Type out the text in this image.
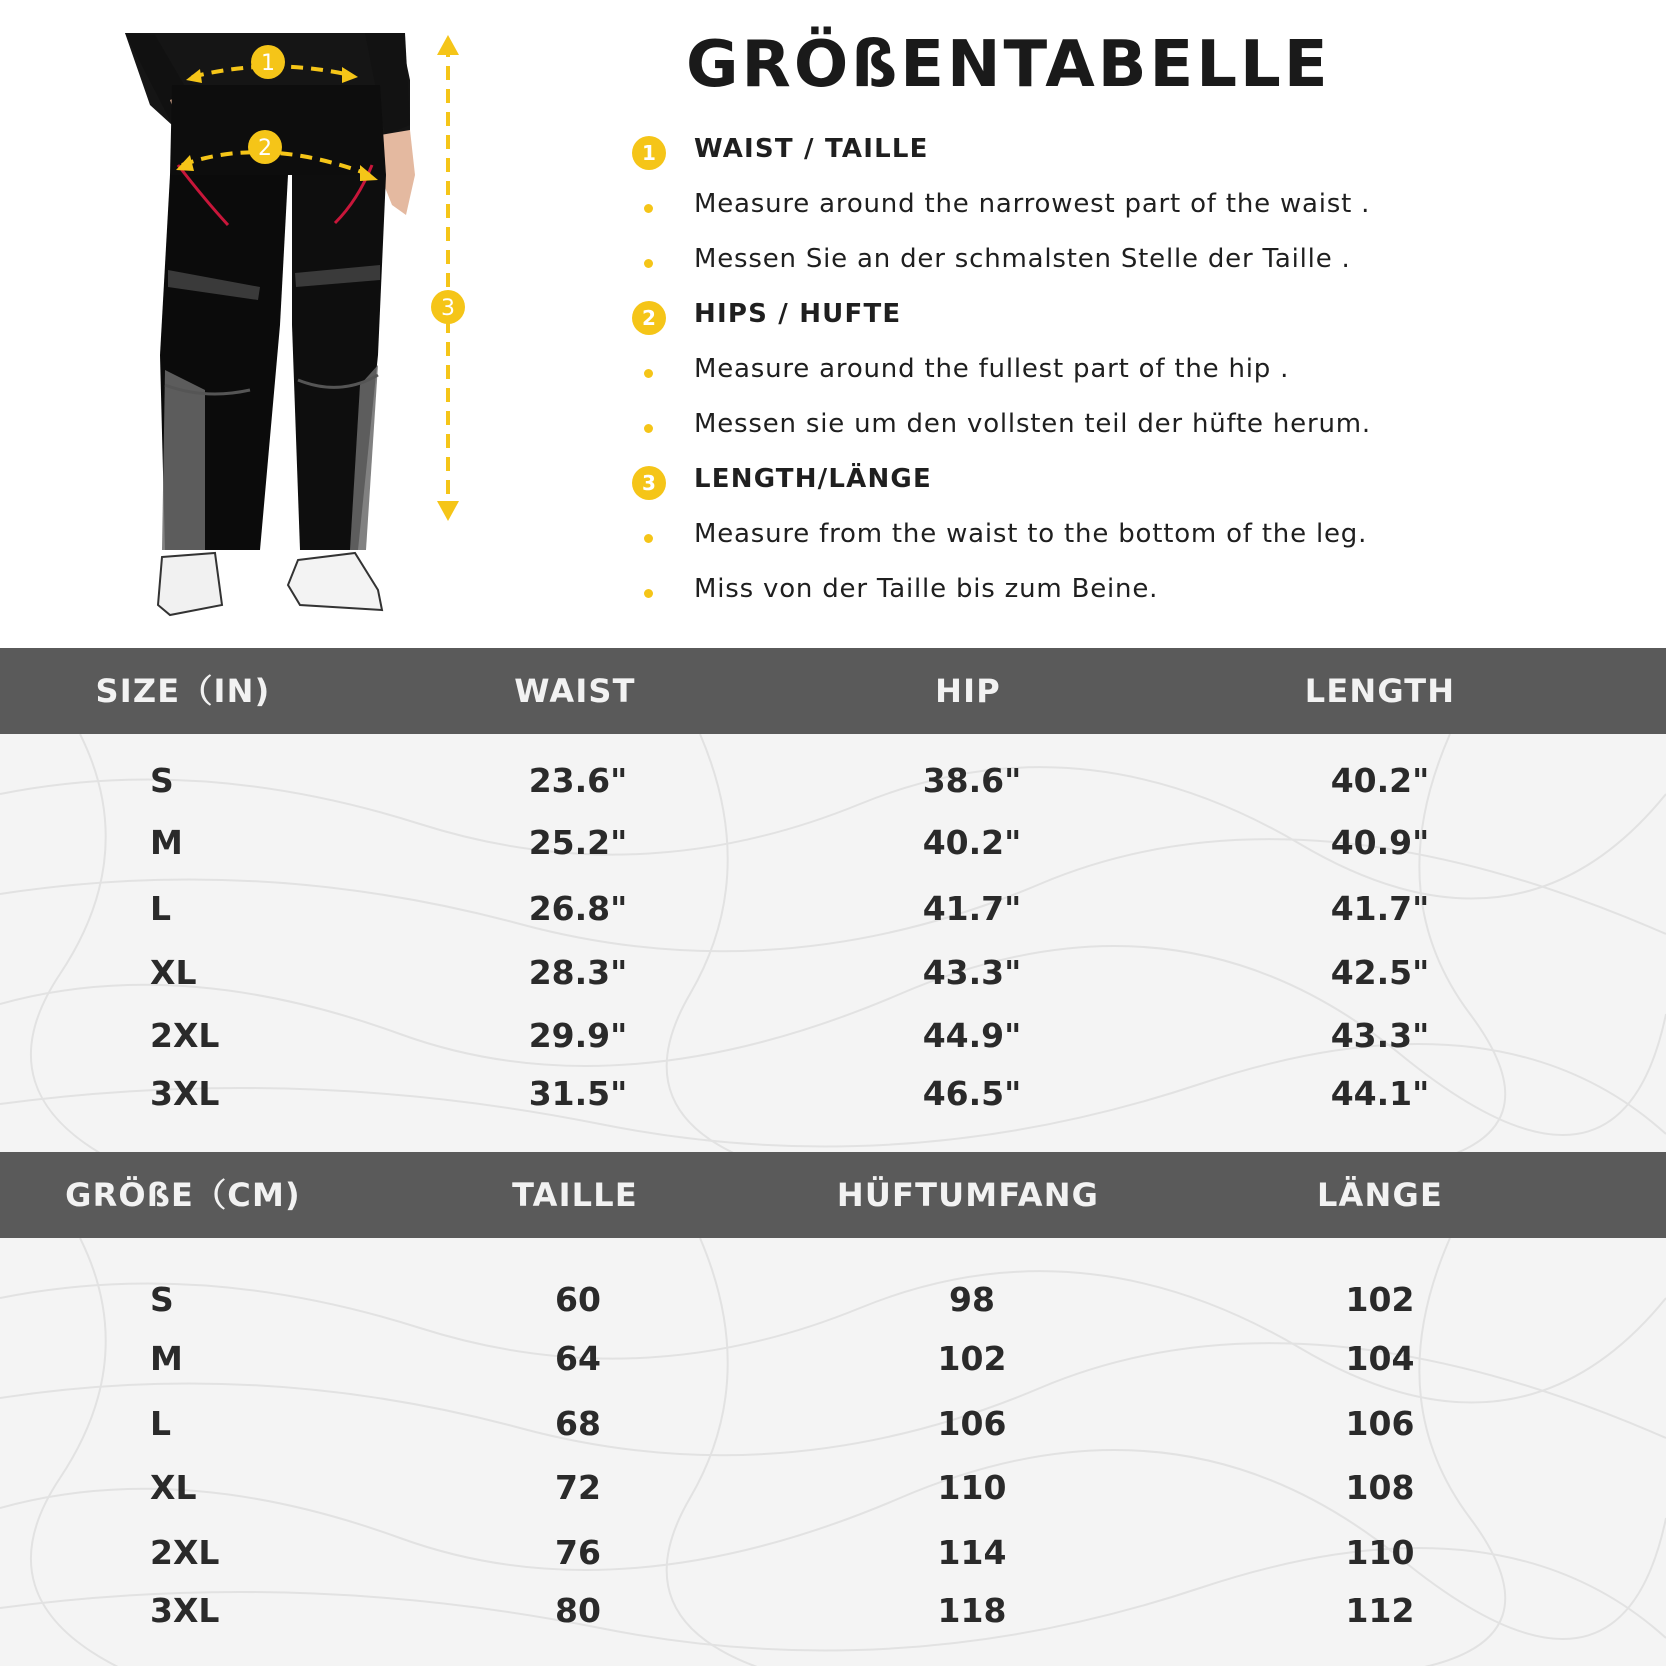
1
2
3
GRÖßENTABELLE
1	WAIST / TAILLE
Measure around the narrowest part of the waist .
Messen Sie an der schmalsten Stelle der Taille .
2	HIPS / HUFTE
Measure around the fullest part of the hip .
Messen sie um den vollsten teil der hüfte herum.
3	LENGTH/LÄNGE
Measure from the waist to the bottom of the leg.
Miss von der Taille bis zum Beine.
SIZE（IN)	WAIST	HIP	LENGTH
S	23.6"	38.6"	40.2"
M	25.2"	40.2"	40.9"
L	26.8"	41.7"	41.7"
XL	28.3"	43.3"	42.5"
2XL	29.9"	44.9"	43.3"
3XL	31.5"	46.5"	44.1"
GRÖßE（CM)	TAILLE	HÜFTUMFANG	LÄNGE
S	60	98	102
M	64	102	104
L	68	106	106
XL	72	110	108
2XL	76	114	110
3XL	80	118	112
